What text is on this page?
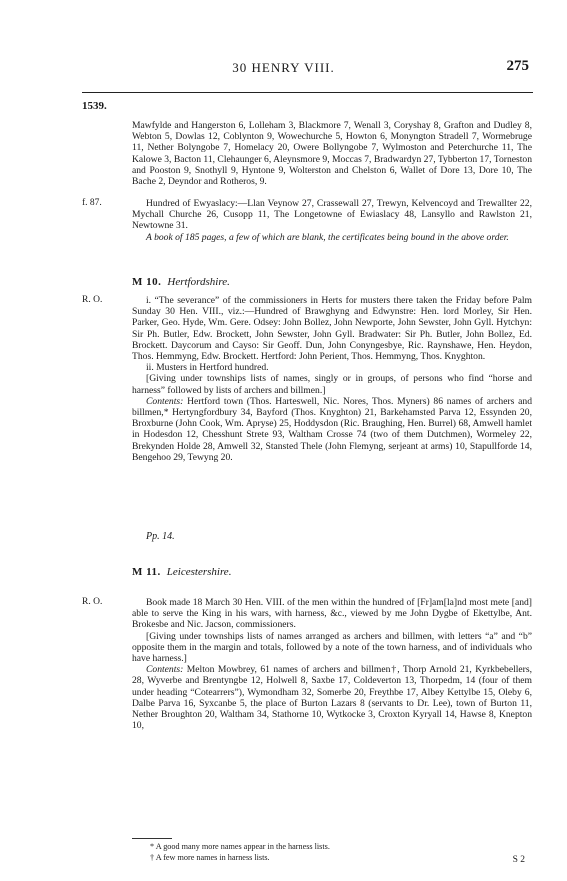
30 HENRY VIII.	275
1539.

Mawfylde and Hangerston 6, Lolleham 3, Blackmore 7, Wenall 3, Coryshay 8, Grafton and Dudley 8, Webton 5, Dowlas 12, Coblynton 9, Wowechurche 5, Howton 6, Monyngton Stradell 7, Wormebruge 11, Nether Bolyngobe 7, Homelacy 20, Owere Bollyngobe 7, Wylmoston and Peterchurche 11, The Kalowe 3, Bacton 11, Clehaunger 6, Aleynsmore 9, Moccas 7, Bradwardyn 27, Tybberton 17, Torneston and Pooston 9, Snothyll 9, Hyntone 9, Wolterston and Chelston 6, Wallet of Dore 13, Dore 10, The Bache 2, Deyndor and Rotheros, 9.

f. 87.	Hundred of Ewyaslacy:—Llan Veynow 27, Crassewall 27, Trewyn, Kelvencoyd and Trewallter 22, Mychall Churche 26, Cusopp 11, The Longetowne of Ewiaslacy 48, Lansyllo and Rawlston 21, Newtowne 31.

A book of 185 pages, a few of which are blank, the certificates being bound in the above order.

M 10. Hertfordshire.
R. O.	i. “The severance” of the commissioners in Herts for musters there taken the Friday before Palm Sunday 30 Hen. VIII., viz.:—Hundred of Brawghyng and Edwynstre: Hen. lord Morley, Sir Hen. Parker, Geo. Hyde, Wm. Gere. Odsey: John Bollez, John Newporte, John Sewster, John Gyll. Hytchyn: Sir Ph. Butler, Edw. Brockett, John Sewster, John Gyll. Bradwater: Sir Ph. Butler, John Bollez, Ed. Brockett. Daycorum and Cayso: Sir Geoff. Dun, John Conyngesbye, Ric. Raynshawe, Hen. Heydon, Thos. Hemmyng, Edw. Brockett. Hertford: John Perient, Thos. Hemmyng, Thos. Knyghton.

ii. Musters in Hertford hundred.

[Giving under townships lists of names, singly or in groups, of persons who find “horse and harness” followed by lists of archers and billmen.]

Contents: Hertford town (Thos. Harteswell, Nic. Nores, Thos. Myners) 86 names of archers and billmen,* Hertyngfordbury 34, Bayford (Thos. Knyghton) 21, Barkehamsted Parva 12, Essynden 20, Broxburne (John Cook, Wm. Apryse) 25, Hoddysdon (Ric. Braughing, Hen. Burrel) 68, Amwell hamlet in Hodesdon 12, Chesshunt Strete 93, Waltham Crosse 74 (two of them Dutchmen), Wormeley 22, Brekynden Holde 28, Amwell 32, Stansted Thele (John Flemyng, serjeant at arms) 10, Stapullforde 14, Bengehoo 29, Tewyng 20.

Pp. 14.
M 11. Leicestershire.
R. O.	Book made 18 March 30 Hen. VIII. of the men within the hundred of [Fr]am[la]nd most mete [and] able to serve the King in his wars, with harness, &c., viewed by me John Dygbe of Ekettylbe, Ant. Brokesbe and Nic. Jacson, commissioners.

[Giving under townships lists of names arranged as archers and billmen, with letters “a” and “b” opposite them in the margin and totals, followed by a note of the town harness, and of individuals who have harness.]

Contents: Melton Mowbrey, 61 names of archers and billmen†, Thorp Arnold 21, Kyrkbebellers, 28, Wyverbe and Brentyngbe 12, Holwell 8, Saxbe 17, Coldeverton 13, Thorpedm, 14 (four of them under heading “Cotearrers”), Wymondham 32, Somerbe 20, Freythbe 17, Albey Kettylbe 15, Oleby 6, Dalbe Parva 16, Syxcanbe 5, the place of Burton Lazars 8 (servants to Dr. Lee), town of Burton 11, Nether Broughton 20, Waltham 34, Stathorne 10, Wytkocke 3, Croxton Kyryall 14, Hawse 8, Knepton 10,

* A good many more names appear in the harness lists.
† A few more names in harness lists.	S 2
